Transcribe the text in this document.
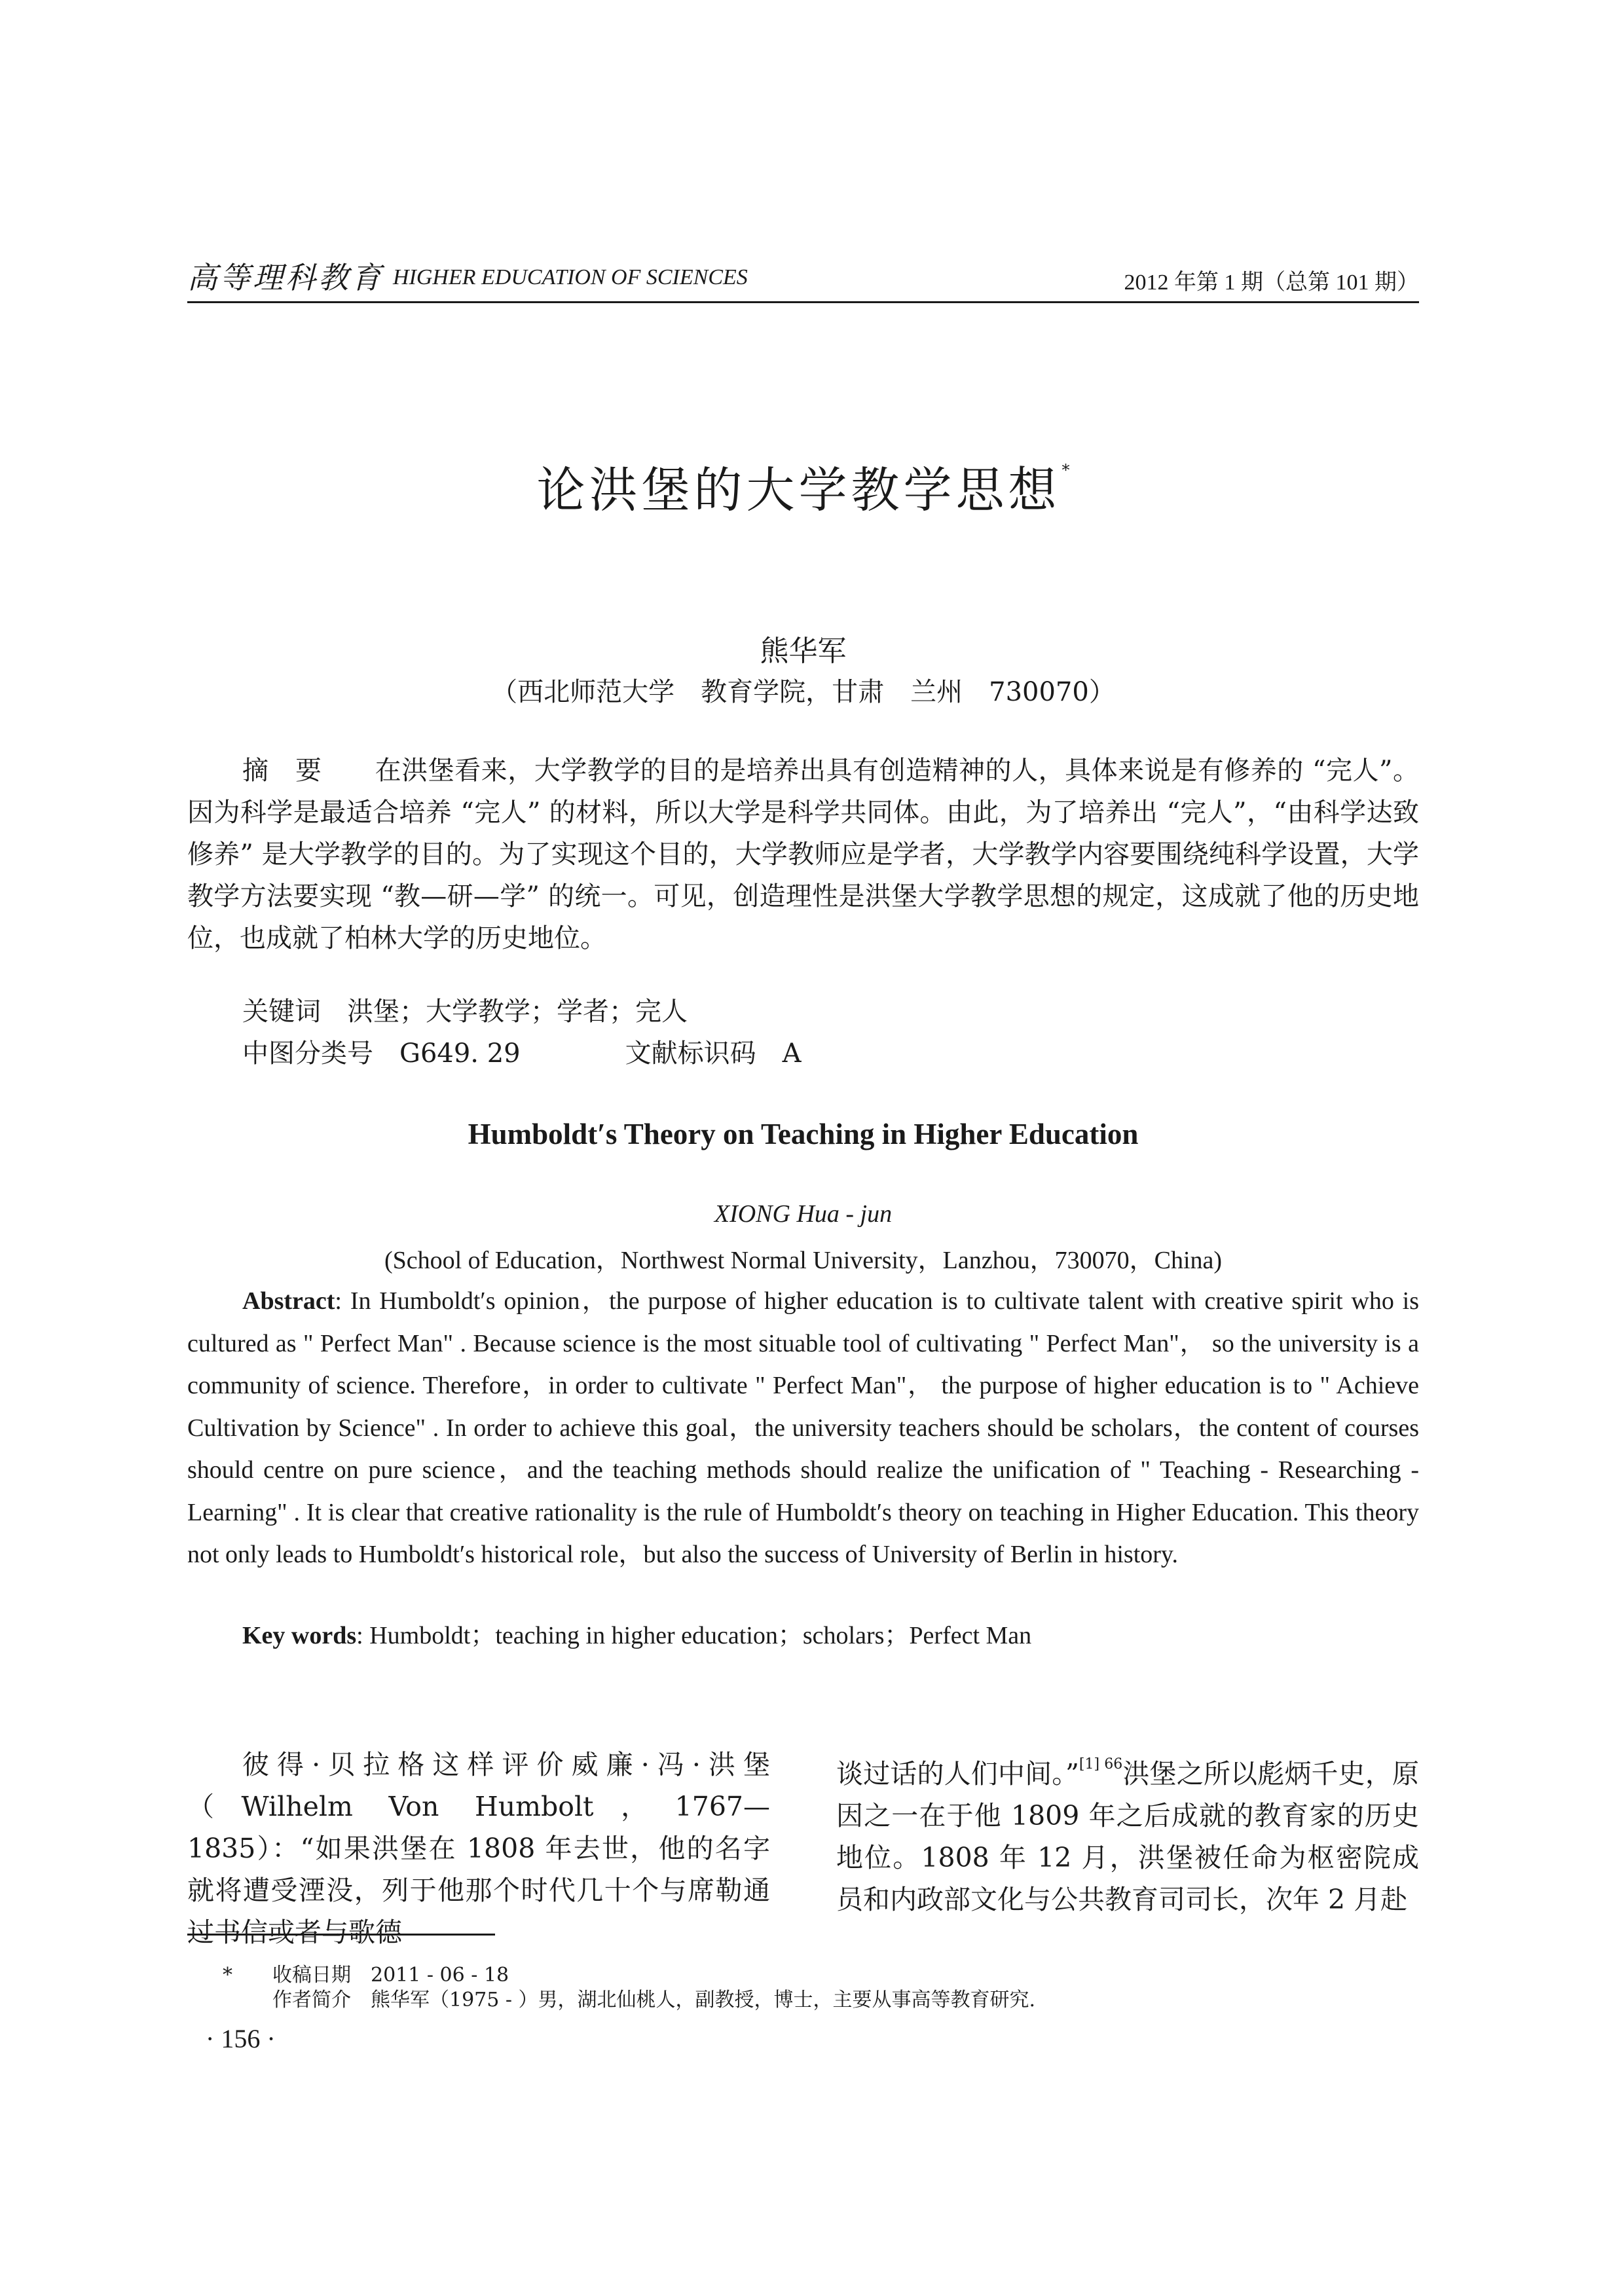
高等理科教育 HIGHER EDUCATION OF SCIENCES	2012 年第 1 期（总第 101 期）
论洪堡的大学教学思想*
熊华军
（西北师范大学　教育学院，甘肃　兰州　730070）
摘　要　　 在洪堡看来，大学教学的目的是培养出具有创造精神的人，具体来说是有修养的 “完人”。因为科学是最适合培养 “完人” 的材料，所以大学是科学共同体。由此，为了培养出 “完人”，“由科学达致修养” 是大学教学的目的。为了实现这个目的，大学教师应是学者，大学教学内容要围绕纯科学设置，大学教学方法要实现 “教—研—学” 的统一。可见，创造理性是洪堡大学教学思想的规定，这成就了他的历史地位，也成就了柏林大学的历史地位。
关键词　 洪堡；大学教学；学者；完人
中图分类号　 G649. 29　　　　	文献标识码　 A
Humboldt′s Theory on Teaching in Higher Education
XIONG Hua - jun
(School of Education，Northwest Normal University，Lanzhou，730070，China)
Abstract: In Humboldt′s opinion，the purpose of higher education is to cultivate talent with creative spirit who is cultured as " Perfect Man" . Because science is the most situable tool of cultivating " Perfect Man"， so the university is a community of science. Therefore，in order to cultivate " Perfect Man"， the purpose of higher education is to " Achieve Cultivation by Science" . In order to achieve this goal，the university teachers should be scholars，the content of courses should centre on pure science，and the teaching methods should realize the unification of " Teaching - Researching - Learning" . It is clear that creative rationality is the rule of Humboldt′s theory on teaching in Higher Education. This theory not only leads to Humboldt′s historical role，but also the success of University of Berlin in history.
Key words: Humboldt；teaching in higher education；scholars；Perfect Man
彼得·贝拉格这样评价威廉·冯·洪堡（Wilhelm Von Humbolt，1767—1835）：“如果洪堡在 1808 年去世，他的名字就将遭受湮没，列于他那个时代几十个与席勒通过书信或者与歌德
谈过话的人们中间。”$^{[1] 66}$洪堡之所以彪炳千史，原因之一在于他 1809 年之后成就的教育家的历史地位。1808 年 12 月，洪堡被任命为枢密院成员和内政部文化与公共教育司司长，次年 2 月赴
* 收稿日期　 2011 - 06 - 18
作者简介　 熊华军（1975 - ）男，湖北仙桃人，副教授，博士，主要从事高等教育研究.
· 156 ·
